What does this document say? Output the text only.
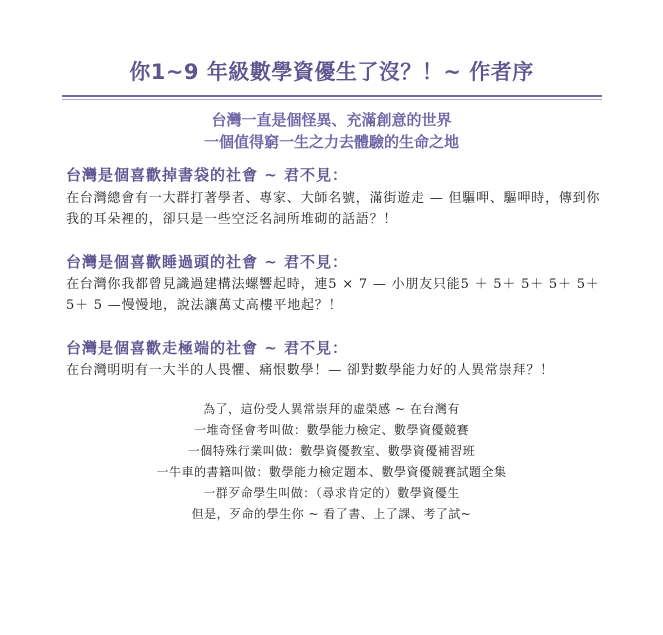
你1~9 年級數學資優生了沒？！~ 作者序
台灣一直是個怪異、充滿創意的世界
一個值得窮一生之力去體驗的生命之地
台灣是個喜歡掉書袋的社會 ~ 君不見：
在台灣總會有一大群打著學者、專家、大師名號，滿街遊走 — 但驅呷、驅呷時，傳到你我的耳朵裡的，卻只是一些空泛名詞所堆砌的話語？！
台灣是個喜歡睡過頭的社會 ~ 君不見：
在台灣你我都曾見識過建構法螺響起時，連5 × 7 — 小朋友只能5 ＋ 5＋ 5＋ 5＋ 5＋ 5＋ 5 —慢慢地，說法讓萬丈高樓平地起？！
台灣是個喜歡走極端的社會 ~ 君不見：
在台灣明明有一大半的人畏懼、痛恨數學！— 卻對數學能力好的人異常崇拜？！
為了，這份受人異常崇拜的虛榮感 ~ 在台灣有
一堆奇怪會考叫做：數學能力檢定、數學資優競賽
一個特殊行業叫做：數學資優教室、數學資優補習班
一牛車的書籍叫做：數學能力檢定題本、數學資優競賽試題全集
一群歹命學生叫做：（尋求肯定的）數學資優生
但是，歹命的學生你 ~ 看了書、上了課、考了試~
